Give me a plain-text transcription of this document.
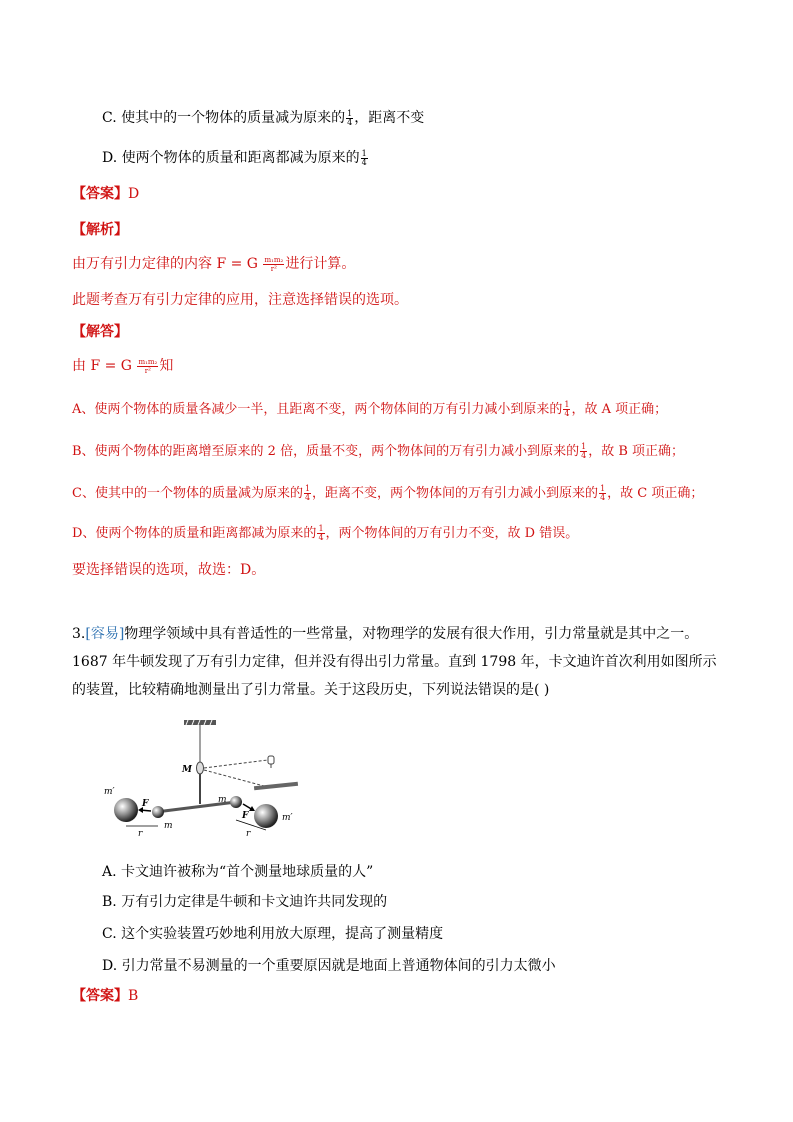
C. 使其中的一个物体的质量减为原来的 $\frac{1}{4}$ ，距离不变
D. 使两个物体的质量和距离都减为原来的 $\frac{1}{4}$
【答案】D
【解析】
由万有引力定律的内容 F = G $\frac{\text{m₁m₂}}{\text{r²}}$ 进行计算。
此题考查万有引力定律的应用，注意选择错误的选项。
【解答】
由 F = G $\frac{\text{m₁m₂}}{\text{r²}}$ 知
A、使两个物体的质量各减少一半，且距离不变，两个物体间的万有引力减小到原来的 $\frac{1}{4}$ ，故 A 项正确；
B、使两个物体的距离增至原来的 2 倍，质量不变，两个物体间的万有引力减小到原来的 $\frac{1}{4}$ ，故 B 项正确；
C、使其中的一个物体的质量减为原来的 $\frac{1}{4}$ ，距离不变，两个物体间的万有引力减小到原来的 $\frac{1}{4}$ ，故 C 项正确；
D、使两个物体的质量和距离都减为原来的 $\frac{1}{4}$ ，两个物体间的万有引力不变，故 D 错误。
要选择错误的选项，故选：D。
3.[容易]物理学领域中具有普适性的一些常量，对物理学的发展有很大作用，引力常量就是其中之一。1687 年牛顿发现了万有引力定律，但并没有得出引力常量。直到 1798 年，卡文迪许首次利用如图所示的装置，比较精确地测量出了引力常量。关于这段历史，下列说法错误的是( )
M
m′
F
m
r
m
F	m′
r
A. 卡文迪许被称为“首个测量地球质量的人”
B. 万有引力定律是牛顿和卡文迪许共同发现的
C. 这个实验装置巧妙地利用放大原理，提高了测量精度
D. 引力常量不易测量的一个重要原因就是地面上普通物体间的引力太微小
【答案】B
